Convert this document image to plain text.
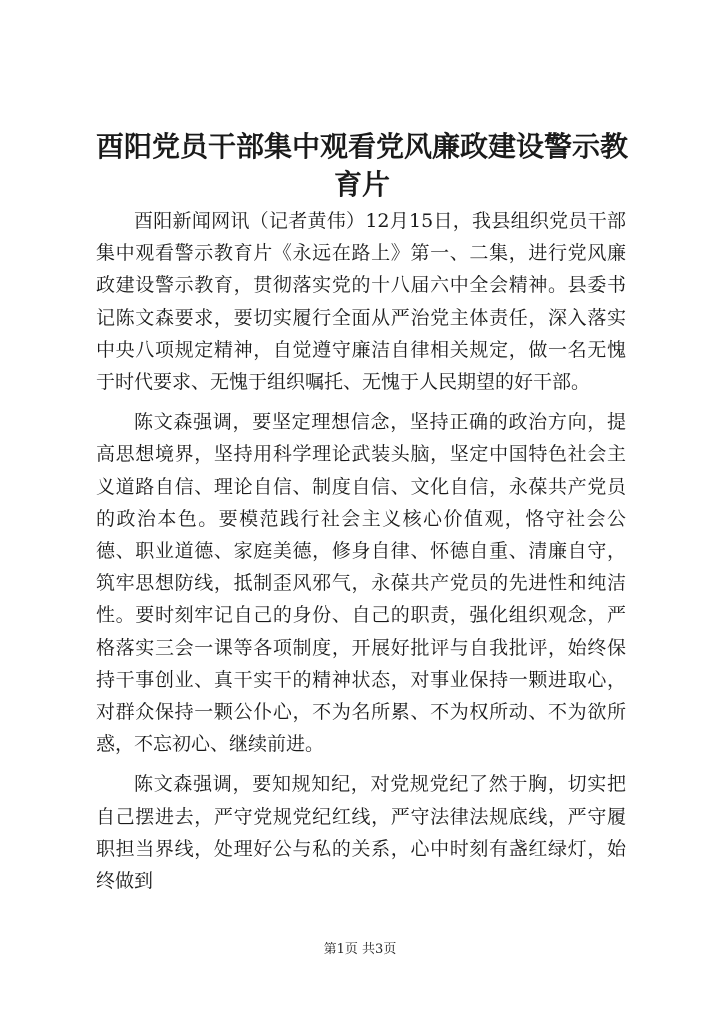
酉阳党员干部集中观看党风廉政建设警示教育片

酉阳新闻网讯（记者黄伟）12月15日，我县组织党员干部集中观看警示教育片《永远在路上》第一、二集，进行党风廉政建设警示教育，贯彻落实党的十八届六中全会精神。县委书记陈文森要求，要切实履行全面从严治党主体责任，深入落实中央八项规定精神，自觉遵守廉洁自律相关规定，做一名无愧于时代要求、无愧于组织嘱托、无愧于人民期望的好干部。

陈文森强调，要坚定理想信念，坚持正确的政治方向，提高思想境界，坚持用科学理论武装头脑，坚定中国特色社会主义道路自信、理论自信、制度自信、文化自信，永葆共产党员的政治本色。要模范践行社会主义核心价值观，恪守社会公德、职业道德、家庭美德，修身自律、怀德自重、清廉自守，筑牢思想防线，抵制歪风邪气，永葆共产党员的先进性和纯洁性。要时刻牢记自己的身份、自己的职责，强化组织观念，严格落实三会一课等各项制度，开展好批评与自我批评，始终保持干事创业、真干实干的精神状态，对事业保持一颗进取心，对群众保持一颗公仆心，不为名所累、不为权所动、不为欲所惑，不忘初心、继续前进。

陈文森强调，要知规知纪，对党规党纪了然于胸，切实把自己摆进去，严守党规党纪红线，严守法律法规底线，严守履职担当界线，处理好公与私的关系，心中时刻有盏红绿灯，始终做到

第1页 共3页
